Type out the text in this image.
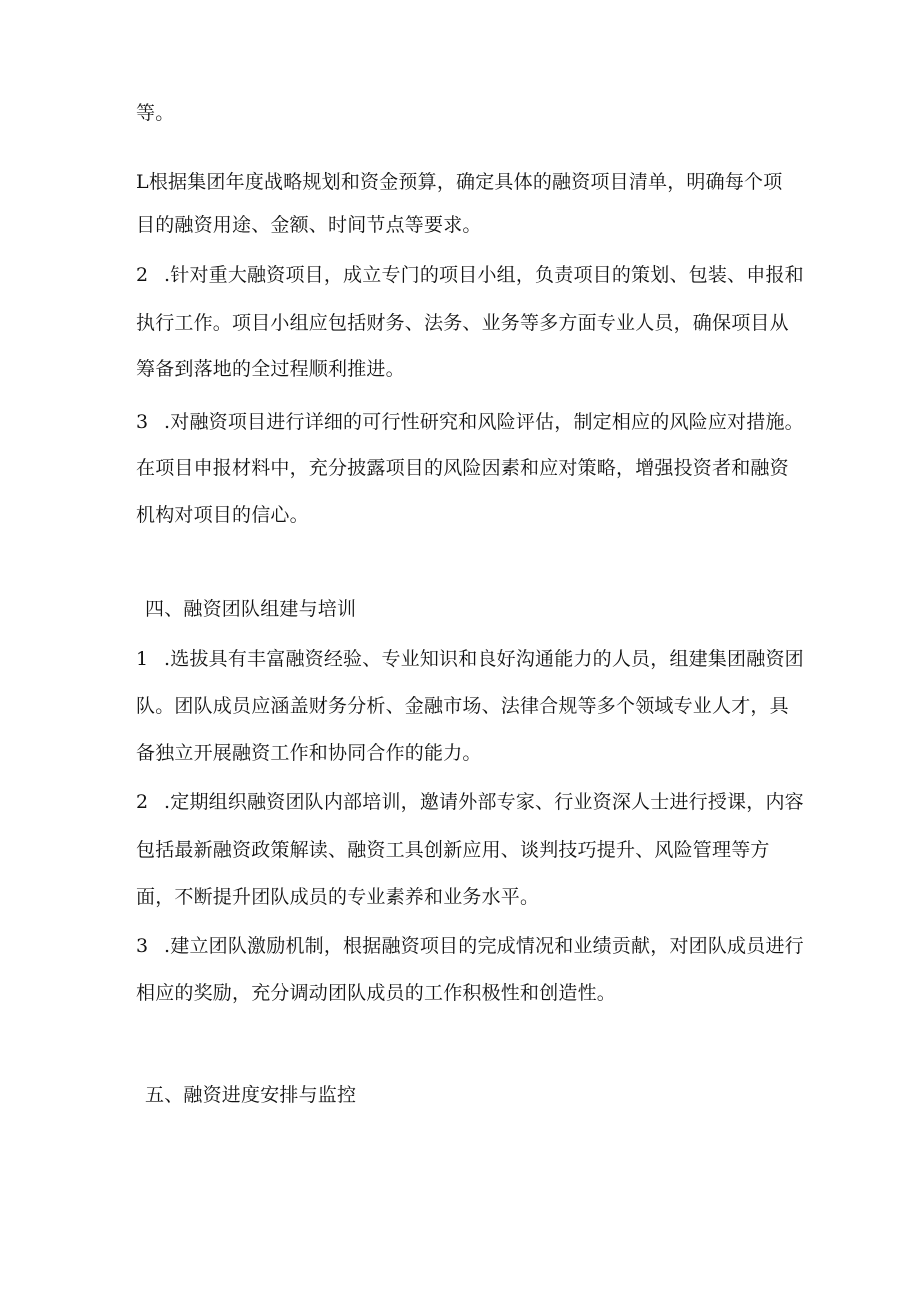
等。
L根据集团年度战略规划和资金预算，确定具体的融资项目清单，明确每个项
目的融资用途、金额、时间节点等要求。
2 .针对重大融资项目，成立专门的项目小组，负责项目的策划、包装、申报和
执行工作。项目小组应包括财务、法务、业务等多方面专业人员，确保项目从
筹备到落地的全过程顺利推进。
3 .对融资项目进行详细的可行性研究和风险评估，制定相应的风险应对措施。
在项目申报材料中，充分披露项目的风险因素和应对策略，增强投资者和融资
机构对项目的信心。
四、融资团队组建与培训
1 .选拔具有丰富融资经验、专业知识和良好沟通能力的人员，组建集团融资团
队。团队成员应涵盖财务分析、金融市场、法律合规等多个领域专业人才，具
备独立开展融资工作和协同合作的能力。
2 .定期组织融资团队内部培训，邀请外部专家、行业资深人士进行授课，内容
包括最新融资政策解读、融资工具创新应用、谈判技巧提升、风险管理等方
面，不断提升团队成员的专业素养和业务水平。
3 .建立团队激励机制，根据融资项目的完成情况和业绩贡献，对团队成员进行
相应的奖励，充分调动团队成员的工作积极性和创造性。
五、融资进度安排与监控
